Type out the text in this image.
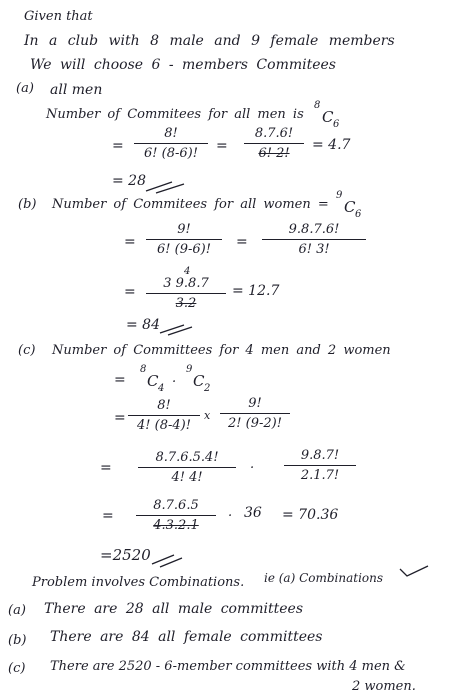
Given that
In a club with 8 male and 9 female members
We will choose 6 - members Commitees
(a) all men
Number of Commitees for all men is
8
C 6
= $\frac{8!}{6! (8-6)!} = \frac{8.7.6!}{6! 2!} = 4.7$
= 28
(b) Number of Commitees for all women =
9
C 6
= $\frac{9!}{6! (9-6)!} = \frac{9.8.7.6!}{6! 3!}$
4
= $\frac{3 9.8.7}{3.2} = 12.7$
= 84
(c) Number of Committees for 4 men and 2 women
=
8
C 4
.
9
C 2
= $\frac{8!}{4! (8-4)!}$ x $\frac{9!}{2! (9-2)!}$
= $\frac{8.7.6.5.4!}{4! 4!}$ . $\frac{9.8.7!}{2.1.7!}$
= $\frac{8.7.6.5}{4.3.2.1}$ . 36 = 70.36
=2520
Problem involves Combinations. ie (a) Combinations
(a) There are 28 all male committees
(b) There are 84 all female committees
(c) There are 2520 - 6-member committees with 4 men &
2 women.
